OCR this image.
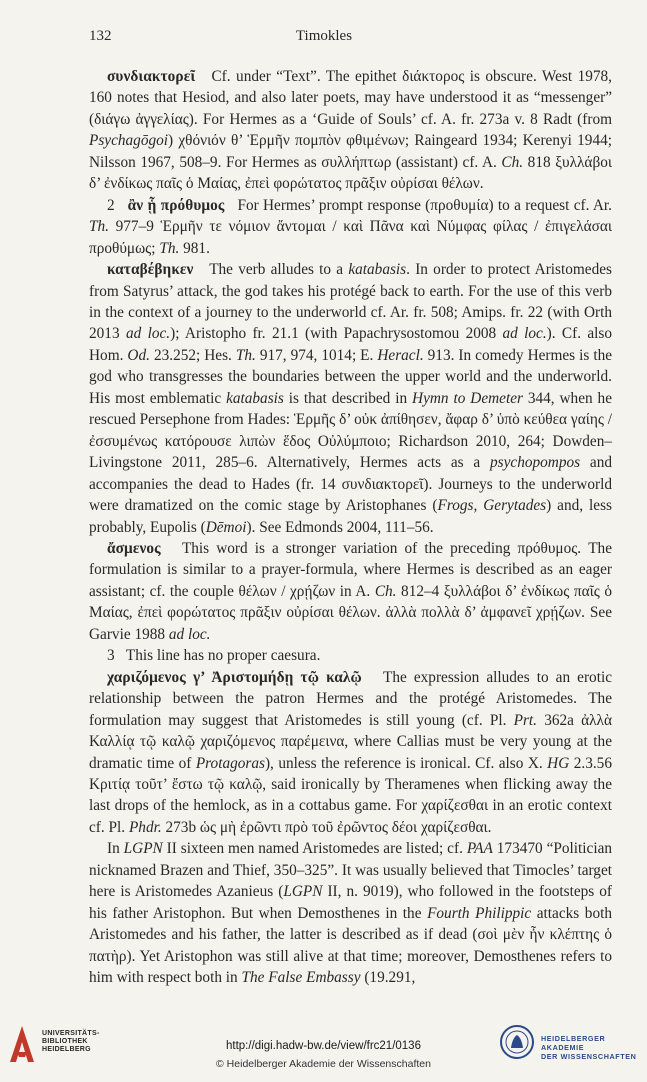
132	Timokles

συνδιακτορεῖ Cf. under “Text”. The epithet διάκτορος is obscure. West 1978, 160 notes that Hesiod, and also later poets, may have understood it as “messenger” (διάγω ἀγγελίας). For Hermes as a ‘Guide of Souls’ cf. A. fr. 273a v. 8 Radt (from Psychagōgoi) χθόνιόν θ’ Ἑρμῆν πομπὸν φθιμένων; Raingeard 1934; Kerenyi 1944; Nilsson 1967, 508–9. For Hermes as συλλήπτωρ (assistant) cf. A. Ch. 818 ξυλλάβοι δ’ ἐνδίκως παῖς ὁ Μαίας, ἐπεὶ φορώτατος πρᾶξιν οὐρίσαι θέλων.

2 ἂν ᾗ πρόθυμος For Hermes’ prompt response (προθυμία) to a request cf. Ar. Th. 977–9 Ἑρμῆν τε νόμιον ἄντομαι / καὶ Πᾶνα καὶ Νύμφας φίλας / ἐπιγελάσαι προθύμως; Th. 981.

καταβέβηκεν The verb alludes to a katabasis. In order to protect Aristomedes from Satyrus’ attack, the god takes his protégé back to earth. For the use of this verb in the context of a journey to the underworld cf. Ar. fr. 508; Amips. fr. 22 (with Orth 2013 ad loc.); Aristopho fr. 21.1 (with Papachrysostomou 2008 ad loc.). Cf. also Hom. Od. 23.252; Hes. Th. 917, 974, 1014; E. Heracl. 913. In comedy Hermes is the god who transgresses the boundaries between the upper world and the underworld. His most emblematic katabasis is that described in Hymn to Demeter 344, when he rescued Persephone from Hades: Ἑρμῆς δ’ οὐκ ἀπίθησεν, ἄφαρ δ’ ὑπὸ κεύθεα γαίης / ἐσσυμένως κατόρουσε λιπὼν ἕδος Οὐλύμποιο; Richardson 2010, 264; Dowden–Livingstone 2011, 285–6. Alternatively, Hermes acts as a psychopompos and accompanies the dead to Hades (fr. 14 συνδιακτορεῖ). Journeys to the underworld were dramatized on the comic stage by Aristophanes (Frogs, Gerytades) and, less probably, Eupolis (Dēmoi). See Edmonds 2004, 111–56.

ἄσμενος This word is a stronger variation of the preceding πρόθυμος. The formulation is similar to a prayer-formula, where Hermes is described as an eager assistant; cf. the couple θέλων / χρῄζων in A. Ch. 812–4 ξυλλάβοι δ’ ἐνδίκως παῖς ὁ Μαίας, ἐπεὶ φορώτατος πρᾶξιν οὐρίσαι θέλων. ἀλλὰ πολλὰ δ’ ἀμφανεῖ χρῄζων. See Garvie 1988 ad loc.

3 This line has no proper caesura.

χαριζόμενος γ’ Ἀριστομήδῃ τῷ καλῷ The expression alludes to an erotic relationship between the patron Hermes and the protégé Aristomedes. The formulation may suggest that Aristomedes is still young (cf. Pl. Prt. 362a ἀλλὰ Καλλίᾳ τῷ καλῷ χαριζόμενος παρέμεινα, where Callias must be very young at the dramatic time of Protagoras), unless the reference is ironical. Cf. also X. HG 2.3.56 Κριτίᾳ τοῦτ’ ἔστω τῷ καλῷ, said ironically by Theramenes when flicking away the last drops of the hemlock, as in a cottabus game. For χαρίζεσθαι in an erotic context cf. Pl. Phdr. 273b ὡς μὴ ἐρῶντι πρὸ τοῦ ἐρῶντος δέοι χαρίζεσθαι.

In LGPN II sixteen men named Aristomedes are listed; cf. PAA 173470 “Politician nicknamed Brazen and Thief, 350–325”. It was usually believed that Timocles’ target here is Aristomedes Azanieus (LGPN II, n. 9019), who followed in the footsteps of his father Aristophon. But when Demosthenes in the Fourth Philippic attacks both Aristomedes and his father, the latter is described as if dead (σοὶ μὲν ἦν κλέπτης ὁ πατὴρ). Yet Aristophon was still alive at that time; moreover, Demosthenes refers to him with respect both in The False Embassy (19.291,

UNIVERSITÄTS-
BIBLIOTHEK
HEIDELBERG	http://digi.hadw-bw.de/view/frc21/0136
© Heidelberger Akademie der Wissenschaften
HEIDELBERGER AKADEMIE
DER WISSENSCHAFTEN
